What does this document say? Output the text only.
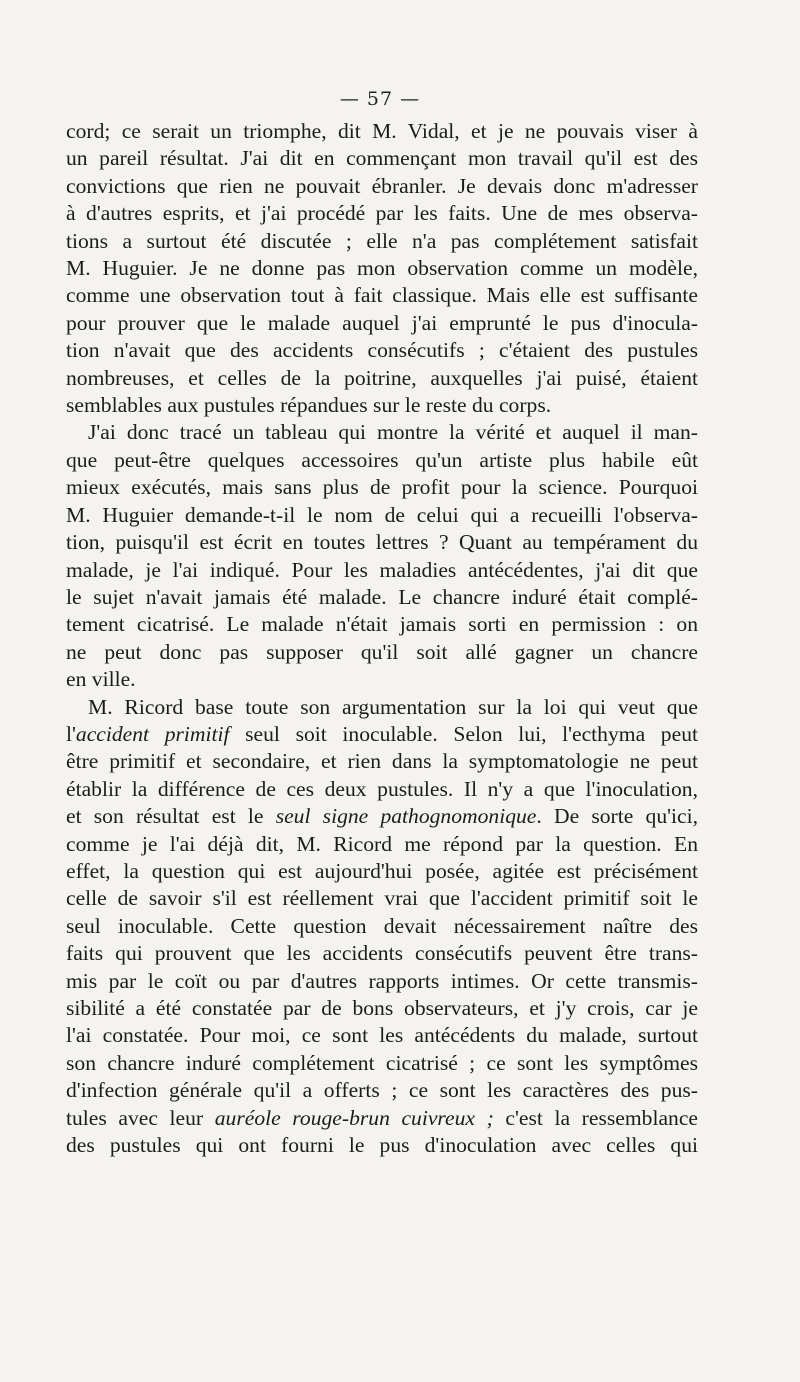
— 57 —

cord; ce serait un triomphe, dit M. Vidal, et je ne pouvais viser à
un pareil résultat. J'ai dit en commençant mon travail qu'il est des
convictions que rien ne pouvait ébranler. Je devais donc m'adresser
à d'autres esprits, et j'ai procédé par les faits. Une de mes observa-
tions a surtout été discutée ; elle n'a pas complétement satisfait
M. Huguier. Je ne donne pas mon observation comme un modèle,
comme une observation tout à fait classique. Mais elle est suffisante
pour prouver que le malade auquel j'ai emprunté le pus d'inocula-
tion n'avait que des accidents consécutifs ; c'étaient des pustules
nombreuses, et celles de la poitrine, auxquelles j'ai puisé, étaient
semblables aux pustules répandues sur le reste du corps.

J'ai donc tracé un tableau qui montre la vérité et auquel il man-
que peut-être quelques accessoires qu'un artiste plus habile eût
mieux exécutés, mais sans plus de profit pour la science. Pourquoi
M. Huguier demande-t-il le nom de celui qui a recueilli l'observa-
tion, puisqu'il est écrit en toutes lettres ? Quant au tempérament du
malade, je l'ai indiqué. Pour les maladies antécédentes, j'ai dit que
le sujet n'avait jamais été malade. Le chancre induré était complé-
tement cicatrisé. Le malade n'était jamais sorti en permission : on
ne peut donc pas supposer qu'il soit allé gagner un chancre
en ville.

M. Ricord base toute son argumentation sur la loi qui veut que
l'accident primitif seul soit inoculable. Selon lui, l'ecthyma peut
être primitif et secondaire, et rien dans la symptomatologie ne peut
établir la différence de ces deux pustules. Il n'y a que l'inoculation,
et son résultat est le seul signe pathognomonique. De sorte qu'ici,
comme je l'ai déjà dit, M. Ricord me répond par la question. En
effet, la question qui est aujourd'hui posée, agitée est précisément
celle de savoir s'il est réellement vrai que l'accident primitif soit le
seul inoculable. Cette question devait nécessairement naître des
faits qui prouvent que les accidents consécutifs peuvent être trans-
mis par le coït ou par d'autres rapports intimes. Or cette transmis-
sibilité a été constatée par de bons observateurs, et j'y crois, car je
l'ai constatée. Pour moi, ce sont les antécédents du malade, surtout
son chancre induré complétement cicatrisé ; ce sont les symptômes
d'infection générale qu'il a offerts ; ce sont les caractères des pus-
tules avec leur auréole rouge-brun cuivreux ; c'est la ressemblance
des pustules qui ont fourni le pus d'inoculation avec celles qui
